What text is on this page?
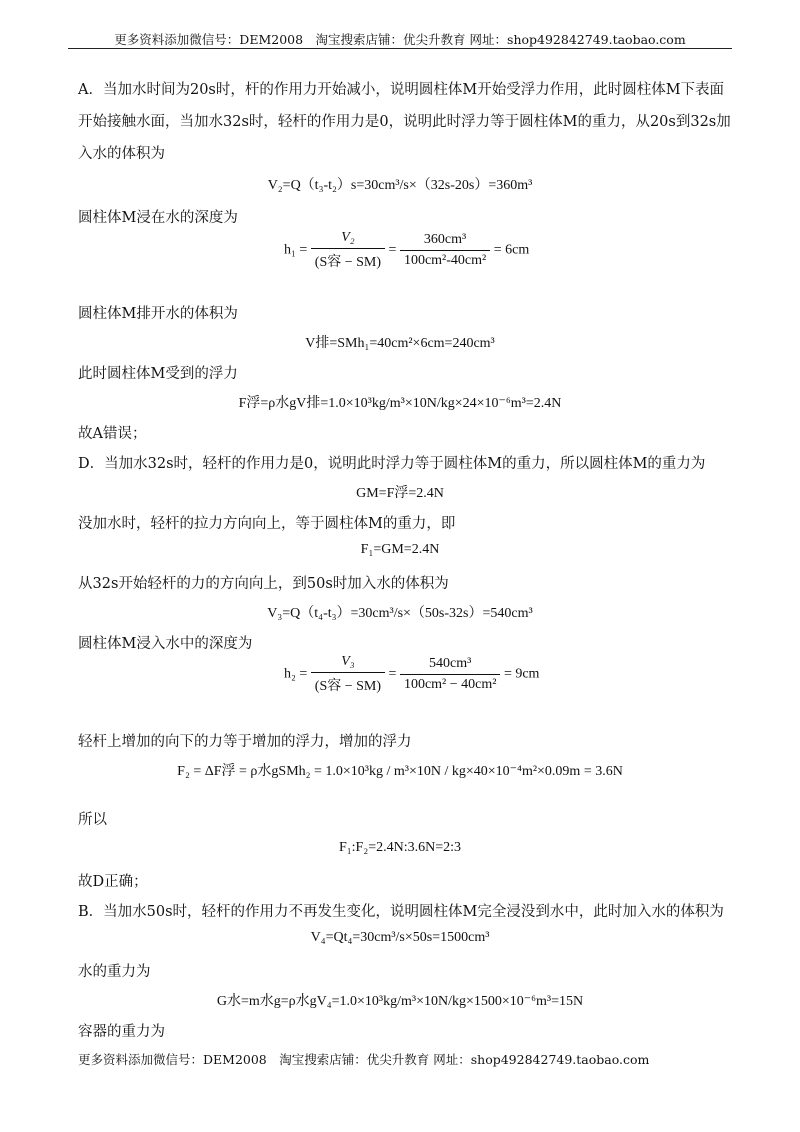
更多资料添加微信号：DEM2008　淘宝搜索店铺：优尖升教育 网址：shop492842749.taobao.com
A．当加水时间为20s时，杆的作用力开始减小，说明圆柱体M开始受浮力作用，此时圆柱体M下表面
开始接触水面，当加水32s时，轻杆的作用力是0，说明此时浮力等于圆柱体M的重力，从20s到32s加
入水的体积为
V₂=Q（t₃-t₂）s=30cm³/s×（32s-20s）=360m³
圆柱体M浸在水的深度为
$h_1 = \frac{\text{V₂}}{\text{(S容 − SM)}} = \frac{\text{360cm³}}{\text{100cm²-40cm²}} = 6cm$
圆柱体M排开水的体积为
V排=SMh₁=40cm²×6cm=240cm³
此时圆柱体M受到的浮力
F浮=ρ水gV排=1.0×10³kg/m³×10N/kg×24×10⁻⁶m³=2.4N
故A错误；
D．当加水32s时，轻杆的作用力是0，说明此时浮力等于圆柱体M的重力，所以圆柱体M的重力为
GM=F浮=2.4N
没加水时，轻杆的拉力方向向上，等于圆柱体M的重力，即
F₁=GM=2.4N
从32s开始轻杆的力的方向向上，到50s时加入水的体积为
V₃=Q（t₄-t₃）=30cm³/s×（50s-32s）=540cm³
圆柱体M浸入水中的深度为
$h_2 = \frac{\text{V₃}}{\text{(S容 − SM)}} = \frac{\text{540cm³}}{\text{100cm² − 40cm²}} = 9cm$
轻杆上增加的向下的力等于增加的浮力，增加的浮力
F₂ = ΔF浮 = ρ水gSMh₂ = 1.0×10³kg / m³×10N / kg×40×10⁻⁴m²×0.09m = 3.6N
所以
F₁:F₂=2.4N:3.6N=2:3
故D正确；
B．当加水50s时，轻杆的作用力不再发生变化，说明圆柱体M完全浸没到水中，此时加入水的体积为
V₄=Qt₄=30cm³/s×50s=1500cm³
水的重力为
G水=m水g=ρ水gV₄=1.0×10³kg/m³×10N/kg×1500×10⁻⁶m³=15N
容器的重力为
更多资料添加微信号：DEM2008　淘宝搜索店铺：优尖升教育 网址：shop492842749.taobao.com
